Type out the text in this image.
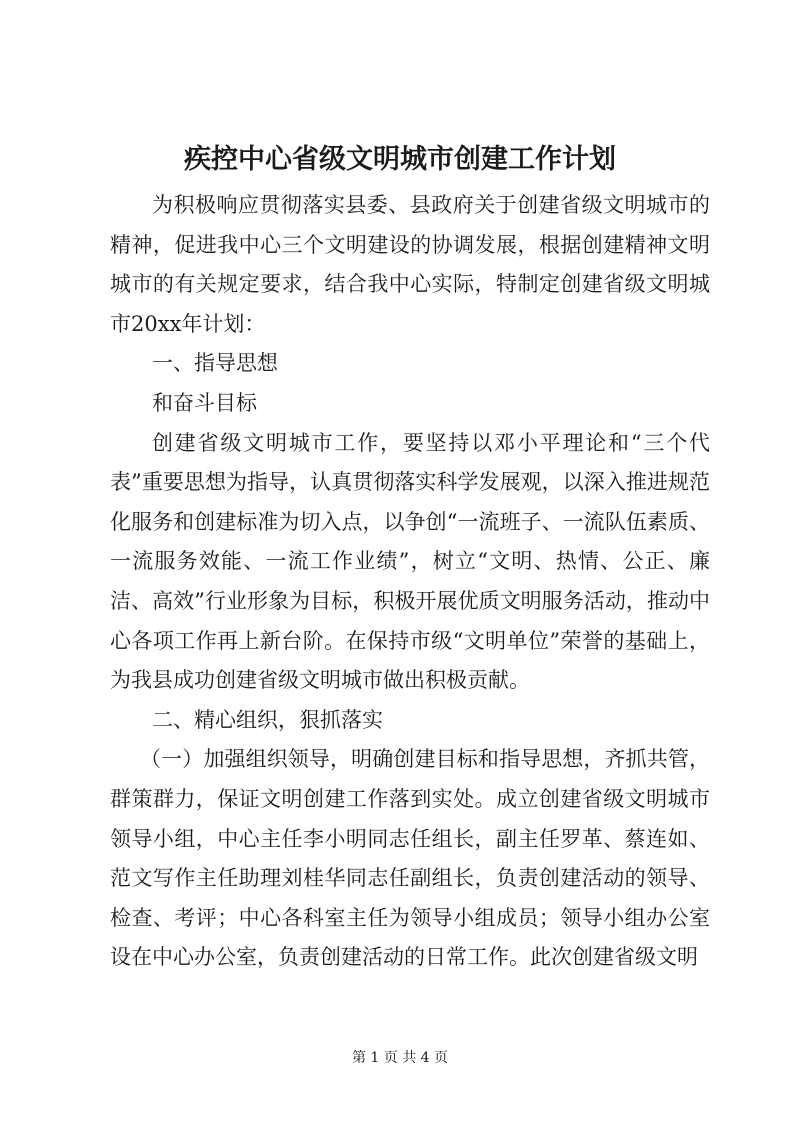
疾控中心省级文明城市创建工作计划

为积极响应贯彻落实县委、县政府关于创建省级文明城市的精神，促进我中心三个文明建设的协调发展，根据创建精神文明城市的有关规定要求，结合我中心实际，特制定创建省级文明城市20xx年计划：

一、指导思想

和奋斗目标

创建省级文明城市工作，要坚持以邓小平理论和“三个代表”重要思想为指导，认真贯彻落实科学发展观，以深入推进规范化服务和创建标准为切入点，以争创“一流班子、一流队伍素质、一流服务效能、一流工作业绩”，树立“文明、热情、公正、廉洁、高效”行业形象为目标，积极开展优质文明服务活动，推动中心各项工作再上新台阶。在保持市级“文明单位”荣誉的基础上，为我县成功创建省级文明城市做出积极贡献。

二、精心组织，狠抓落实

（一）加强组织领导，明确创建目标和指导思想，齐抓共管，群策群力，保证文明创建工作落到实处。成立创建省级文明城市领导小组，中心主任李小明同志任组长，副主任罗革、蔡连如、范文写作主任助理刘桂华同志任副组长，负责创建活动的领导、检查、考评；中心各科室主任为领导小组成员；领导小组办公室设在中心办公室，负责创建活动的日常工作。此次创建省级文明

第 1 页 共 4 页
